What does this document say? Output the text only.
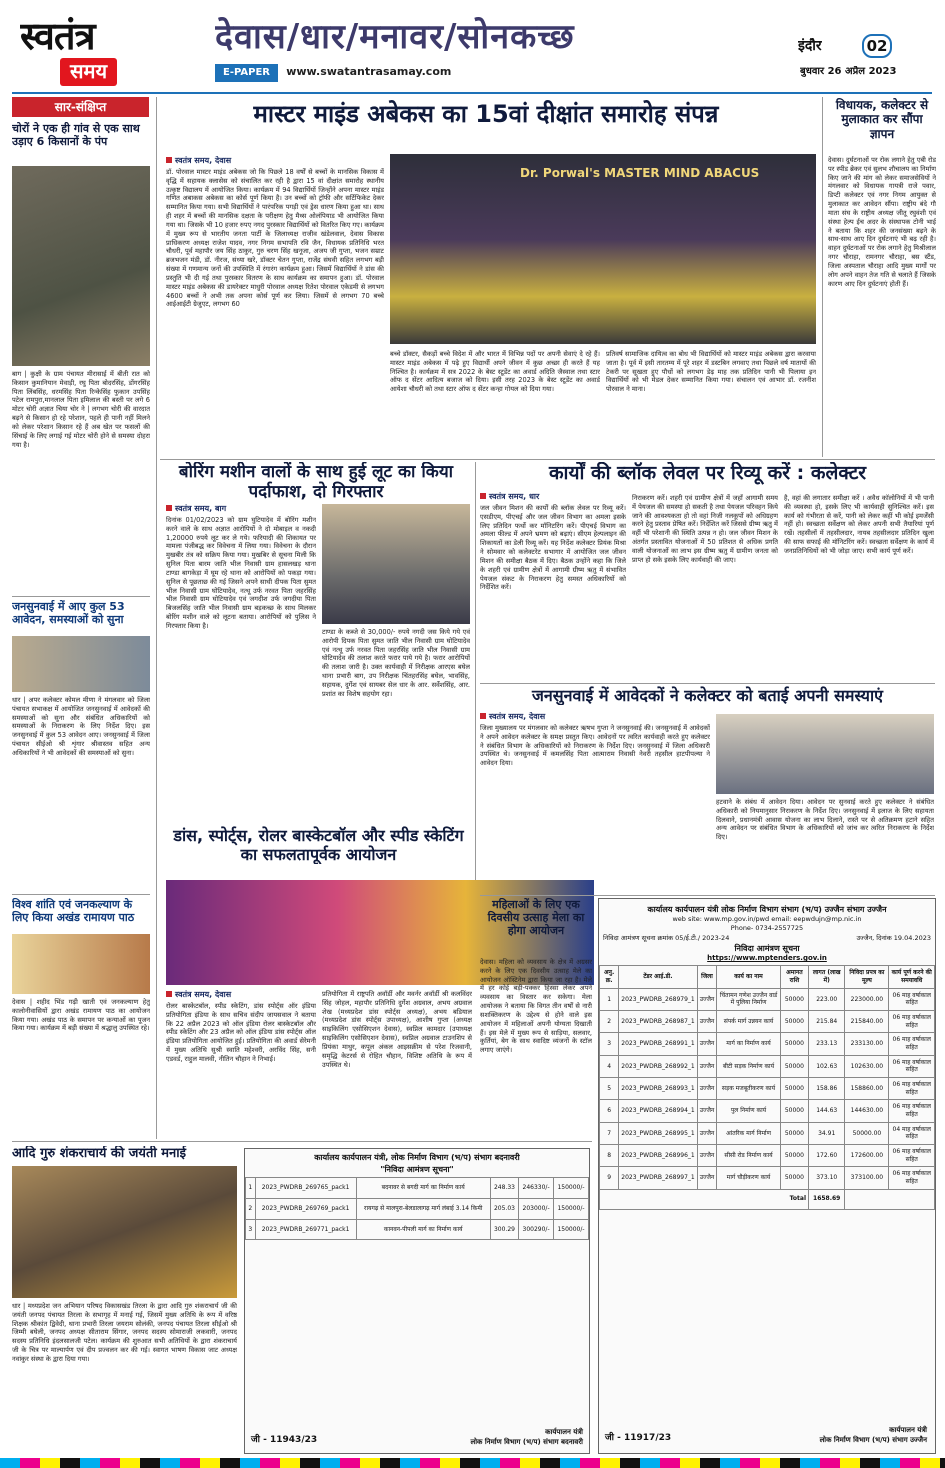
स्वतंत्र
समय
देवास/धार/मनावर/सोनकच्छ
E-PAPER www.swatantrasamay.com
इंदौर	02
बुधवार 26 अप्रैल 2023
सार-संक्षिप्त
चोरों ने एक ही गांव से एक साथ उड़ाए 6 किसानों के पंप
बाग | कुक्षी के ग्राम पंचायत मीरासाई में बीती रात को किसान कुमानियान मेवाड़ी, रघु पिता बोदरसिंह, डोंगरसिंह पिता लिंबसिंह, धरमसिंह पिता रिन्केसिंह फुकान उपसिंह पटेल रामपुरा,मानलाल पिता इमिलाल की बस्ती पर लगे 6 मोटर चोरी अज्ञात चिया चोर ने | लगभग चोरी की वारदात बढ़ने से किसान हो रहे परेशान, पहले ही पानी नहीं मिलने को लेकर परेशान किसान रहे हैं अब खेत पर फसलों की सिंचाई के लिए लगाई गई मोटर चोरी होने से समस्या दोहरा गया है।
जनसुनवाई में आए कुल 53 आवेदन, समस्याओं को सुना
धार | अपर कलेक्टर कोमल मीणा ने मंगलवार को जिला पंचायत सभाकक्ष में आयोजित जनसुनवाई में आवेदकों की समस्याओं को सुना और संबंधित अधिकारियों को समस्याओं के निराकरण के लिए निर्देश दिए। इस जनसुनवाई में कुल 53 आवेदन आए। जनसुनवाई में जिला पंचायत सीईओ श्री शृंगार श्रीवास्तव सहित अन्य अधिकारियों ने भी आवेदकों की समस्याओं को सुना।
विश्व शांति एवं जनकल्याण के लिए किया अखंड रामायण पाठ
देवास | शहीद भिंड गढ़ी खाती एवं जनकल्याण हेतु कालोनीवासियों द्वारा अखंड रामायण पाठ का आयोजन किया गया। अखंड पाठ के समापन पर कन्याओं का पूजन किया गया। कार्यक्रम में बड़ी संख्या में श्रद्धालु उपस्थित रहे।
मास्टर माइंड अबेकस का 15वां दीक्षांत समारोह संपन्न
स्वतंत्र समय, देवास
डॉ. पोरवाल मास्टर माइंड अबेकस जो कि पिछले 18 वर्षों से बच्चों के मानसिक विकास में वृद्धि में सहायक क्लासेस को संचालित कर रही है द्वारा 15 वां दीक्षांत समारोह स्थानीय उत्कृष्ट विद्यालय में आयोजित किया। कार्यक्रम में 94 विद्यार्थियों जिन्होंने अपना मास्टर माइंड गणित अबाकस अबेकस का कोर्स पूर्ण किया है। उन बच्चों को ट्रॉफी और सर्टिफिकेट देकर सम्मानित किया गया। सभी विद्यार्थियों ने पारंपरिक पगड़ी एवं ड्रेस धारण किया हुआ था। साथ ही शहर में बच्चों की मानसिक दक्षता के परीक्षण हेतु मैथ्स ओलंपियाड भी आयोजित किया गया था। जिसके भी 10 हजार रुपए नगद पुरस्कार विद्यार्थियों को वितरित किए गए। कार्यक्रम में मुख्य रूप से भारतीय जनता पार्टी के जिलाध्यक्ष राजीव खंडेलवाल, देवास विकास प्राधिकरण अध्यक्ष राजेश यादव, नगर निगम सभापति रवि जैन, विधायक प्रतिनिधि भरत चौधरी, पूर्व महापौर जय सिंह ठाकुर, गुरु चरण सिंह खनूजा, अजय जी गुप्ता, भजन सम्राट ब्रजभजन मंडी, डॉ. नीरज, संध्या खरे, डॉक्टर चेतन गुप्ता, राजेंद्र संघवी सहित लगभग बड़ी संख्या में गणमान्य जनों की उपस्थिति में रंगारंग कार्यक्रम हुआ। जिसमें विद्यार्थियों ने डांस की प्रस्तुति भी दी गई तथा पुरस्कार वितरण के साथ कार्यक्रम का समापन हुआ। डॉ. पोरवाल मास्टर माइंड अबेकस की डायरेक्टर माधुरी पोरवाल अध्यक्ष रितेश पोरवाल एकेडमी से लगभग 4600 बच्चों ने अभी तक अपना कोर्स पूर्ण कर लिया। जिसमें से लगभग 70 बच्चे आईआईटी ग्रेजुएट, लगभग 60
Dr. Porwal's MASTER MIND ABACUS
बच्चे डॉक्टर, सैकड़ों बच्चे विदेश में और भारत में विभिन्न पदों पर अपनी सेवाएं दे रहे हैं। मास्टर माइंड अबेकस में पढ़े हुए विद्यार्थी अपने जीवन में कुछ अच्छा ही करते हैं यह निश्चित है। कार्यक्रम में सत्र 2022 के बेस्ट स्टूडेंट का अवार्ड अदिति जैस्वाल तथा स्टार ऑफ द सेंटर आदित्य बजाज को दिया। इसी तरह 2023 के बेस्ट स्टूडेंट का अवार्ड आयेशा चौधरी को तथा स्टार ऑफ द सेंटर कन्हा गोयल को दिया गया।
प्रतिवर्ष सामाजिक दायित्व का बोध भी विद्यार्थियों को मास्टर माइंड अबेकस द्वारा करवाया जाता है। पूर्व में इसी तारतम्य में पूरे शहर में डस्टबिन लगवाए तथा पिछले वर्ष मातायों की टेकरी पर सूखता हुए पौधों को लगभग डेढ़ माह तक प्रतिदिन पानी भी पिलाया इन विद्यार्थियों को भी मेडल देकर सम्मानित किया गया। संचालन एवं आभार डॉ. रजनीश पोरवाल ने माना।
विधायक, कलेक्टर से मुलाकात कर सौंपा ज्ञापन
देवास। दुर्घटनाओं पर रोक लगाने हेतु एबी रोड पर स्पीड ब्रेकर एवं सुलभ शौचालय का निर्माण किए जाने की मांग को लेकर समाजसेवियों ने मंगलवार को विधायक गायत्री राजे पवार, डिप्टी कलेक्टर एवं नगर निगम आयुक्त से मुलाकात कर आवेदन सौंपा। राष्ट्रीय बंदे गौ माता संघ के राष्ट्रीय अध्यक्ष जीतू रघुवंशी एवं संस्था हेल्प ईच अदर के संस्थापक टोनी भाई ने बताया कि शहर की जनसंख्या बढ़ने के साथ-साथ आए दिन दुर्घटनाएं भी बढ़ रही है। वाहन दुर्घटनाओं पर रोक लगाने हेतु मिश्रीलाल नगर चौराहा, रामनगर चौराहा, बस स्टैंड, जिला अस्पताल चौराहा आदि मुख्य मार्गों पर लोग अपने वाहन तेज गति से चलाते हैं जिसके कारण आए दिन दुर्घटनाएं होती हैं।
बोरिंग मशीन वालों के साथ हुई लूट का किया पर्दाफाश, दो गिरफ्तार
स्वतंत्र समय, बाग
दिनांक 01/02/2023 को ग्राम घुटियादेव में बोरिंग मशीन करने वाले के साथ अज्ञात आरोपियों ने दो मोबाइल व नकदी 1,20000 रुपये लूट कर ले गये। फरियादी की शिकायत पर मामला पंजीबद्ध कर विवेचना में लिया गया। विवेचना के दौरान मुखबीर तंत्र को सक्रिय किया गया। मुखबिर से सूचना मिली कि सुनिल पिता बारम जाति भील निवासी ग्राम हासलखड़ थाना टाण्डा बागकेड़ा में घूम रहे थाना को आरोपियों को पकड़ा गया। सुनिल से पूछताछ की गई जिसने अपने साथी दीपक पिता सुमत भील निवासी ग्राम घोटियादेव, नत्थू उर्फ नरवत पिता जहरसिंह भील निवासी ग्राम घोटियादेव एवं जगदीश उर्फ जगदीया पिता बिजलसिंह जाति भील निवासी ग्राम बड़कच्छ के साथ मिलकर बोरिंग मशीन वाले को लूटना बताया। आरोपियों को पुलिस ने गिरफ्तार किया है।
टाण्डा के कब्जे से 30,000/- रुपये नगदी जस किये गये एवं आरोपी दिपक पिता सुमत जाति भील निवासी ग्राम घोटियादेव एवं नत्थू उर्फ नरवत पिता जहरसिंह जाति भील निवासी ग्राम घोटियादेव की तलाश करते फरार पाये गये है। फरार आरोपियों की तलाश जारी है। उक्त कार्यवाही में निरीक्षक आरएस बघेल थाना प्रभारी बाग, उप निरीक्षक चिंतहरसिंह बघेल, भावसिंह, सहायक, दुर्गेश एवं सायबर सेल धार के आर. सर्वेशसिंह, आर. प्रशांत का विशेष सहयोग रहा।
डांस, स्पोर्ट्स, रोलर बास्केटबॉल और स्पीड स्केटिंग का सफलतापूर्वक आयोजन
स्वतंत्र समय, देवास
रोलर बास्केटबॉल, स्पीड स्केटिंग, डांस स्पोर्ट्स ऑर इंडिया प्रतियोगिता इंडिया के साथ सचिव संदीप जायसवाल ने बताया कि 22 अप्रैल 2023 को ऑल इंडिया रोलर बास्केटबॉल और स्पीड स्केटिंग और 23 अप्रैल को ऑल इंडिया डांस स्पोर्ट्स ऑल इंडिया प्रतियोगिता आयोजित हुई। प्रतियोगिता की अवार्ड सेरेमनी में मुख्य अतिथि सुश्री स्वाति महेश्वरी, अरविंद सिंह, सनी एडवर्ड, राहुल मालवी, नीतिन चौहान ने निभाई।
प्रतियोगिता में राष्ट्रपति अवॉर्डी और मवर्नर अवॉर्डी श्री कलविंदर सिंह जोहल, महापौर प्रतिनिधि दुर्गेश अग्रवाल, अभय अग्रवाल शेख (मध्यप्रदेश डांस स्पोर्ट्स अध्यक्ष), अभय बडियाल (मध्यप्रदेश डांस स्पोर्ट्स उपाध्यक्ष), आशीष गुप्ता (अध्यक्ष साइकिलिंग एसोसिएशन देवास), स्वप्निल कामदार (उपाध्यक्ष साइकिलिंग एसोसिएशन देवास), स्वप्निल अग्रवाल टाउनशिप से प्रियंका माथुर, कपूल अंकल आइसक्रीम से परेश रिजवानी, समृद्धि केटरर्स से रोहित चौहान, विशिष्ट अतिथि के रूप में उपस्थित थे।
कार्यों की ब्लॉक लेवल पर रिव्यू करें : कलेक्टर
स्वतंत्र समय, धार
जल जीवन मिशन की कार्यों की ब्लॉक लेवल पर रिव्यू करें। एसडीएम, पीएचई और जल जीवन विभाग का अमला इसके लिए प्रतिदिन फर्थो कर मॉनिटरिंग करें। पीएचई विभाग का अमला फील्ड में अपने भ्रमण को बढ़ाएं। सीएम हेल्पलाइन की शिकायतों का डेली रिव्यू करें। यह निर्देश कलेक्टर प्रियंक मिश्रा ने सोमवार को कलेक्टरेट सभागार में आयोजित जल जीवन मिशन की समीक्षा बैठक में दिए। बैठक उन्होंने कहा कि जिले के शहरी एवं ग्रामीण क्षेत्रों में आगामी ग्रीष्म ऋतु में संभावित पेयजल संकट के निराकरण हेतु समस्त अधिकारियों को निर्देशित करें।
निराकरण करें। शहरी एवं ग्रामीण क्षेत्रों में जहाँ आगामी समय में पेयजल की समस्या हो सकती है तथा पेयजल परिवहन किये जाने की आवश्यकता हो तो वहां निजी नलकूपों को अधिग्रहण करने हेतु प्रस्ताव प्रेषित करें। निर्देशित करें जिससे ग्रीष्म ऋतु में वहीं भी परेशानी की स्थिति उत्पन्न न हो। जल जीवन मिशन के अंतर्गत प्रस्तावित योजनाओं में 50 प्रतिशत से अधिक प्रगति वाली योजनाओं का लाभ इस ग्रीष्म ऋतु में ग्रामीण जनता को प्राप्त हो सके इसके लिए कार्यवाही की जाए।
है, वहां की लगातार समीक्षा करें । अवैध कॉलोनियों में भी पानी की व्यवस्था हो, इसके लिए भी कार्यवाही सुनिश्चित करें। इस कार्य को गंभीरता से करें, पानी को लेकर कहीं भी कोई इमर्जेंसी नहीं हो। स्वच्छता सर्वेक्षण को लेकर अपनी सभी तैयारियां पूर्ण रखें। तहसीलों में तहसीलदार, नायब तहसीलदार प्रतिदिन खुला की साफ सफाई की मॉनिटरिंग करें। स्वच्छता सर्वेक्षण के कार्य में जनप्रतिनिधियों को भी जोड़ा जाए। सभी कार्य पूर्ण करें।
जनसुनवाई में आवेदकों ने कलेक्टर को बताई अपनी समस्याएं
स्वतंत्र समय, देवास
जिला मुख्यालय पर मंगलवार को कलेक्टर ऋषभ गुप्ता ने जनसुनवाई की। जनसुनवाई में आवेदकों ने अपने आवेदन कलेक्टर के समक्ष प्रस्तुत किए। आवेदनों पर त्वरित कार्यवाही करते हुए कलेक्टर ने संबंधित विभाग के अधिकारियों को निराकरण के निर्देश दिए। जनसुनवाई में जिला अधिकारी उपस्थित थे। जनसुनवाई में कमलसिंह पिता आत्माराम निवासी नेवरी तहसील हाटपीपल्या ने आवेदन दिया।
हटवाने के संबंध में आवेदन दिया। आवेदन पर सुनवाई करते हुए कलेक्टर ने संबंधित अधिकारी को नियमानुसार निराकरण के निर्देश दिए। जनसुनवाई में इलाज के लिए सहायता दिलवाने, प्रधानमंत्री आवास योजना का लाभ दिलाने, रास्ते पर से अतिक्रमण हटाने सहित अन्य आवेदन पर संबंधित विभाग के अधिकारियों को जांच कर त्वरित निराकरण के निर्देश दिए।
महिलाओं के लिए एक दिवसीय उत्साह मेला का होगा आयोजन
देवास। महिला को व्यवसाय के क्षेत्र में अग्रसर करने के लिए एक दिवसीय उत्साह मेले का आयोजन ऑस्टिनेम द्वारा किया जा रहा है। मेले में हर कोई बड़ी-पक्कर हिस्सा लेकर अपने व्यवसाय का विस्तार कर सकेगा। मेला आयोजक ने बताया कि विगत तीन वर्षों से नारी सशक्तिकरण के उद्देश्य से होने वाले इस आयोजन में महिलाओं अपनी योग्यता दिखाती हैं। इस मेले में मुख्य रूप से साड़िया, सलवार, कुर्तियां, बेग के साथ स्वादिष्ट व्यंजनों के स्टॉल लगाए जाएंगे।
आदि गुरु शंकराचार्य की जयंती मनाई
धार | मध्यप्रदेश जन अभियान परिषद विकासखंड तिरला के द्वारा आदि गुरु शंकराचार्य जी की जयंती जनपद पंचायत तिरला के सभागृह में मनाई गई, जिसमें मुख्य अतिथि के रूप में वरिष्ठ शिक्षक श्रीकांत द्विवेदी, थाना प्रभारी तिरला जयराम सोलंकी, जनपद पंचायत तिरला सीईओ श्री जिम्मी बघेली, जनपद अध्यक्ष सीताराम सिंगार, जनपद सदस्य सोमाराजी लकवारी, जनपद सदस्य प्रतिनिधि इंदलसालजी पटेल। कार्यक्रम की शुरुआत सभी अतिथियों के द्वारा शंकराचार्य जी के चित्र पर माल्यार्पण एवं दीप प्रज्वलन कर की गई। स्वागत भाषण विकास जाट अध्यक्ष नवांकुर संस्था के द्वारा दिया गया।
कार्यालय कार्यपालन यंत्री, लोक निर्माण विभाग (भ/प) संभाग बदनावरी
"निविदा आमंत्रण सूचना"
1	2023_PWDRB_269765_pack1	बदनावर से बगदी मार्ग का निर्माण कार्य	248.33	246330/-	150000/-
2	2023_PWDRB_269769_pack1	रायगढ़ से मालपुरा-बेलडालागढ़ मार्ग लंबाई 3.14 किमी	205.03	203000/-	150000/-
3	2023_PWDRB_269771_pack1	कानवन-पीपली मार्ग का निर्माण कार्य	300.29	300290/-	150000/-
जी - 11943/23
कार्यपालन यंत्री
लोक निर्माण विभाग (भ/प) संभाग बदनावरी
कार्यालय कार्यपालन यंत्री लोक निर्माण विभाग संभाग (भ/प) उज्जैन संभाग उज्जैन
web site: www.mp.gov.in/pwd email: eepwdujn@mp.nic.in
Phone- 0734-2557725
निविदा आमंत्रण सूचना क्रमांक 05/ई.टी./ 2023-24	उज्जैन, दिनांक 19.04.2023
निविदा आमंत्रण सूचना
https://www.mptenders.gov.in
अनु. क्र.	टेंडर आई.डी.	जिला	कार्य का नाम	अमानत राशि	लागत (लाख में)	निविदा प्रपत्र का मूल्य	कार्य पूर्ण करने की समयावधि
1	2023_PWDRB_268979_1	उज्जैन	चिंतामन गणेश उज्जैन वार्ड में पुलिया निर्माण	50000	223.00	223000.00	06 माह वर्षाकाल सहित
2	2023_PWDRB_268987_1	उज्जैन	संपर्क मार्ग उन्नयन कार्य	50000	215.84	215840.00	06 माह वर्षाकाल सहित
3	2023_PWDRB_268991_1	उज्जैन	मार्ग का निर्माण कार्य	50000	233.13	233130.00	06 माह वर्षाकाल सहित
4	2023_PWDRB_268992_1	उज्जैन	बीटी सड़क निर्माण कार्य	50000	102.63	102630.00	06 माह वर्षाकाल सहित
5	2023_PWDRB_268993_1	उज्जैन	सड़क मजबूतीकरण कार्य	50000	158.86	158860.00	06 माह वर्षाकाल सहित
6	2023_PWDRB_268994_1	उज्जैन	पुल निर्माण कार्य	50000	144.63	144630.00	06 माह वर्षाकाल सहित
7	2023_PWDRB_268995_1	उज्जैन	आंतरिक मार्ग निर्माण	50000	34.91	50000.00	04 माह वर्षाकाल सहित
8	2023_PWDRB_268996_1	उज्जैन	सीसी रोड निर्माण कार्य	50000	172.60	172600.00	06 माह वर्षाकाल सहित
9	2023_PWDRB_268997_1	उज्जैन	मार्ग चौड़ीकरण कार्य	50000	373.10	373100.00	06 माह वर्षाकाल सहित
Total					1658.69		
जी - 11917/23
कार्यपालन यंत्री
लोक निर्माण विभाग (भ/प) संभाग उज्जैन
